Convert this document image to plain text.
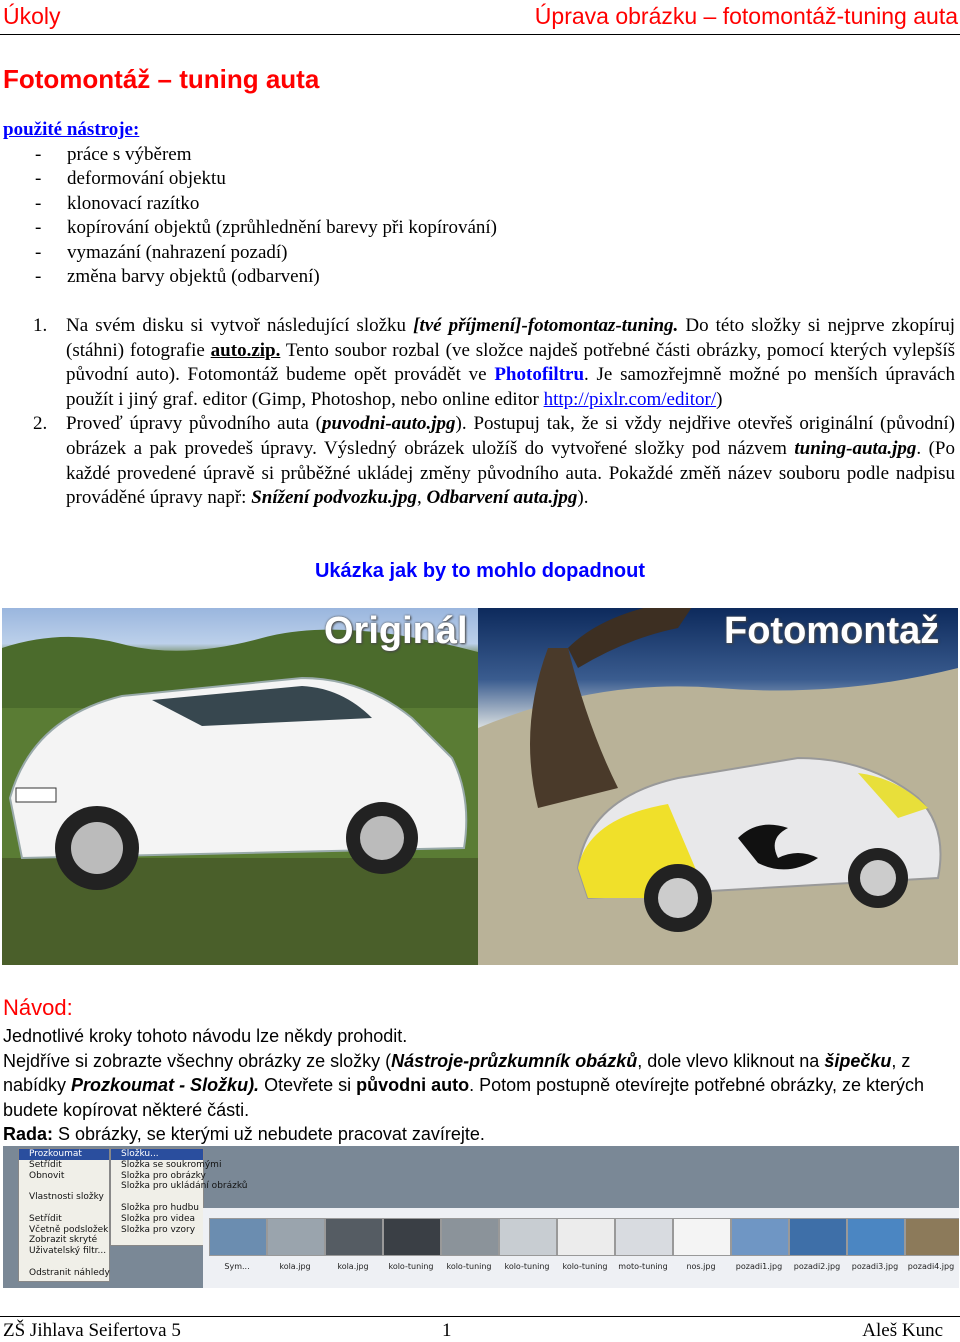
Úkoly	Úprava obrázku – fotomontáž-tuning auta
Fotomontáž – tuning auta
použité nástroje:
- práce s výběrem
- deformování objektu
- klonovací razítko
- kopírování objektů (zprůhlednění barevy při kopírování)
- vymazání (nahrazení pozadí)
- změna barvy objektů (odbarvení)
1. Na svém disku si vytvoř následující složku [tvé příjmení]-fotomontaz-tuning. Do této složky si nejprve zkopíruj (stáhni) fotografie auto.zip. Tento soubor rozbal (ve složce najdeš potřebné části obrázky, pomocí kterých vylepšíš původní auto). Fotomontáž budeme opět provádět ve Photofiltru. Je samozřejmně možné po menších úpravách použít i jiný graf. editor (Gimp, Photoshop, nebo online editor http://pixlr.com/editor/)
2. Proveď úpravy původního auta (puvodni-auto.jpg). Postupuj tak, že si vždy nejdřive otevřeš originální (původní) obrázek a pak provedeš úpravy. Výsledný obrázek uložíš do vytvořené složky pod názvem tuning-auta.jpg. (Po každé provedené úpravě si průběžné ukládej změny původního auta. Pokaždé změň název souboru podle nadpisu prováděné úpravy např: Snížení podvozku.jpg, Odbarvení auta.jpg).
Ukázka jak by to mohlo dopadnout
Originál	Fotomontaž
Návod:
Jednotlivé kroky tohoto návodu lze někdy prohodit.
Nejdříve si zobrazte všechny obrázky ze složky (Nástroje-průzkumník obázků, dole vlevo kliknout na šipečku, z nabídky Prozkoumat - Složku). Otevřete si původni auto. Potom postupně otevírejte potřebné obrázky, ze kterých budete kopírovat některé části.
Rada: S obrázky, se kterými už nebudete pracovat zavírejte.
Prozkoumat
Setřídit
Obnovit
Vlastnosti složky
Setřídit
Včetně podsložek
Zobrazit skryté
Uživatelský filtr...
Odstranit náhledy
Složku...
Složka se soukromými
Složka pro obrázky
Složka pro ukládání obrázků
Složka pro hudbu
Složka pro videa
Složka pro vzory
Sym...	kola.jpg	kola.jpg	kolo-tuning	kolo-tuning	kolo-tuning	kolo-tuning	moto-tuning	nos.jpg	pozadi1.jpg	pozadi2.jpg	pozadi3.jpg	pozadi4.jpg
ZŠ Jihlava Seifertova 5	1	Aleš Kunc
